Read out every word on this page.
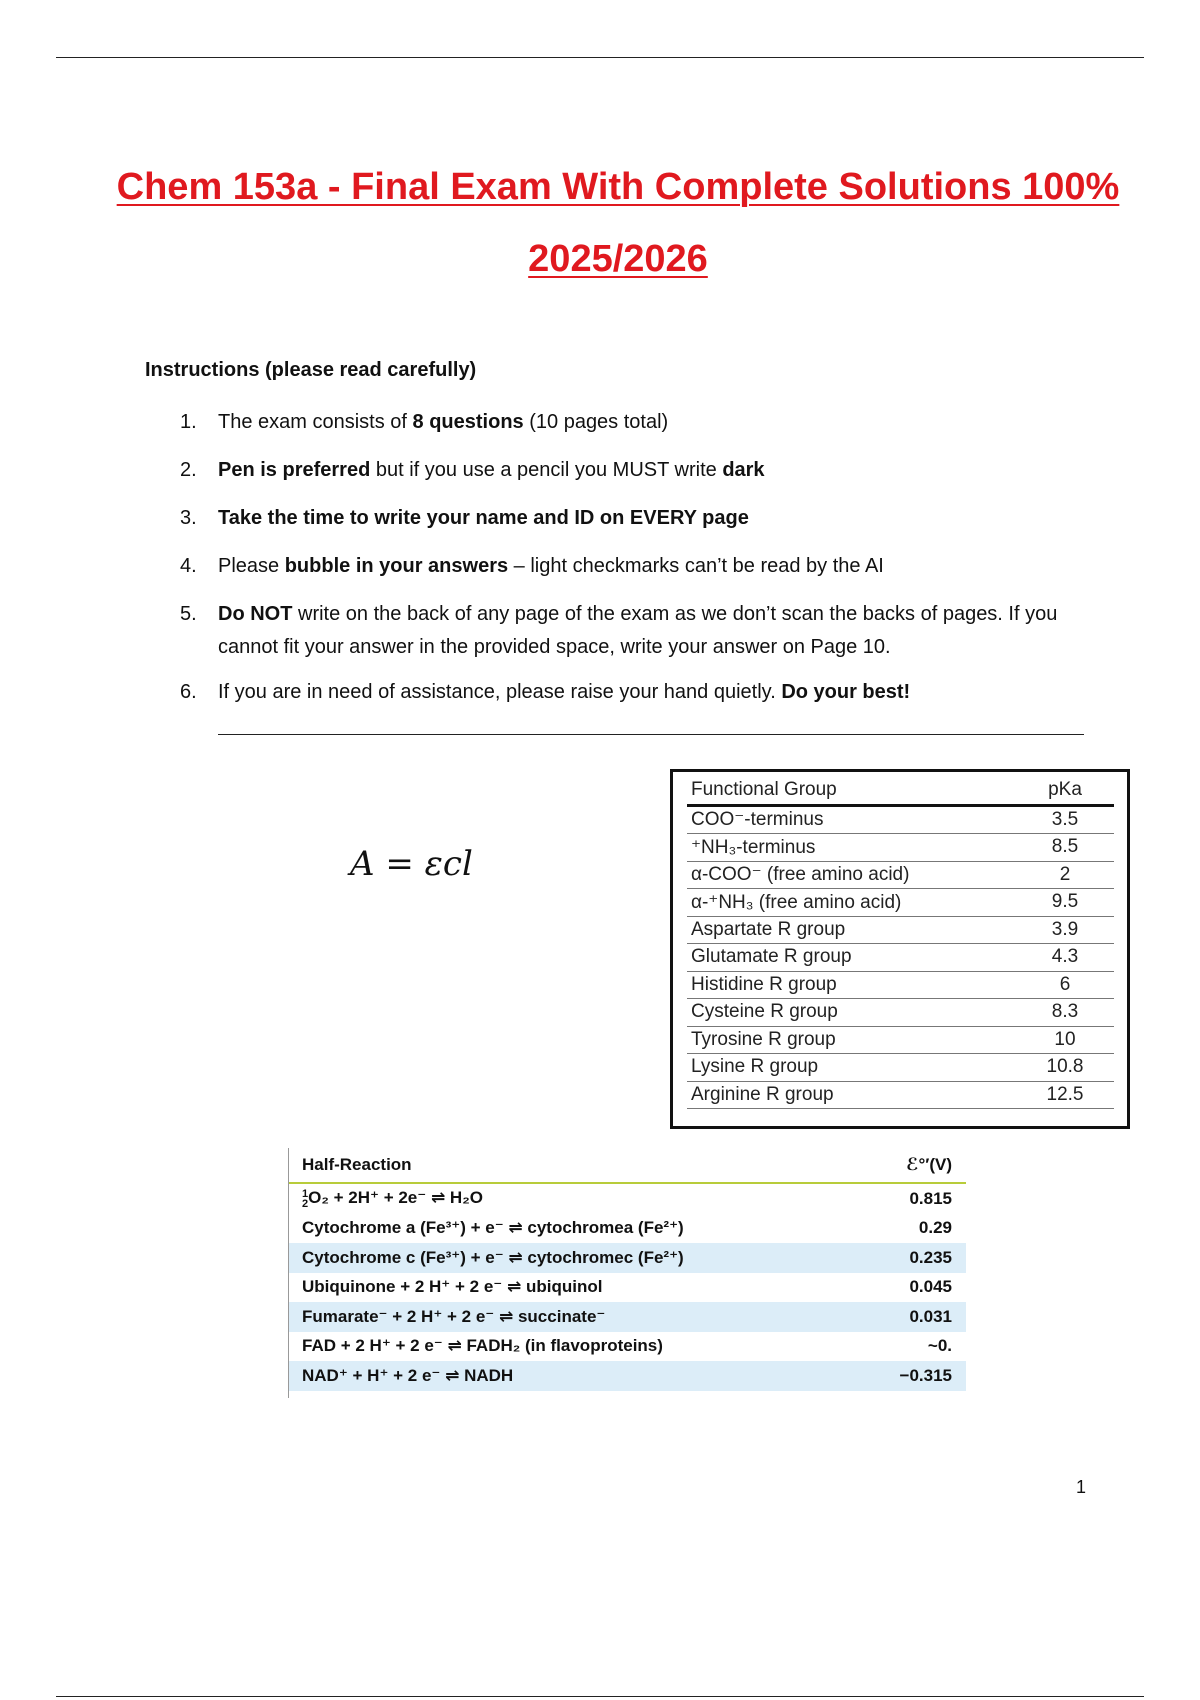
Chem 153a - Final Exam With Complete Solutions 100%
2025/2026
Instructions (please read carefully)
1. The exam consists of 8 questions (10 pages total)
2. Pen is preferred but if you use a pencil you MUST write dark
3. Take the time to write your name and ID on EVERY page
4. Please bubble in your answers – light checkmarks can’t be read by the AI
5. Do NOT write on the back of any page of the exam as we don’t scan the backs of pages. If you cannot fit your answer in the provided space, write your answer on Page 10.
6. If you are in need of assistance, please raise your hand quietly. Do your best!
A = εcl
Functional Group	pKa
COO⁻-terminus	3.5
⁺NH₃-terminus	8.5
α-COO⁻ (free amino acid)	2
α-⁺NH₃ (free amino acid)	9.5
Aspartate R group	3.9
Glutamate R group	4.3
Histidine R group	6
Cysteine R group	8.3
Tyrosine R group	10
Lysine R group	10.8
Arginine R group	12.5
Half-Reaction	ℰ°′(V)
1
2O₂ + 2H⁺ + 2e⁻ ⇌ H₂O	0.815
Cytochrome a (Fe³⁺) + e⁻ ⇌ cytochromea (Fe²⁺)	0.29
Cytochrome c (Fe³⁺) + e⁻ ⇌ cytochromec (Fe²⁺)	0.235
Ubiquinone + 2 H⁺ + 2 e⁻ ⇌ ubiquinol	0.045
Fumarate⁻ + 2 H⁺ + 2 e⁻ ⇌ succinate⁻	0.031
FAD + 2 H⁺ + 2 e⁻ ⇌ FADH₂ (in flavoproteins)	~0.
NAD⁺ + H⁺ + 2 e⁻ ⇌ NADH	−0.315
1
